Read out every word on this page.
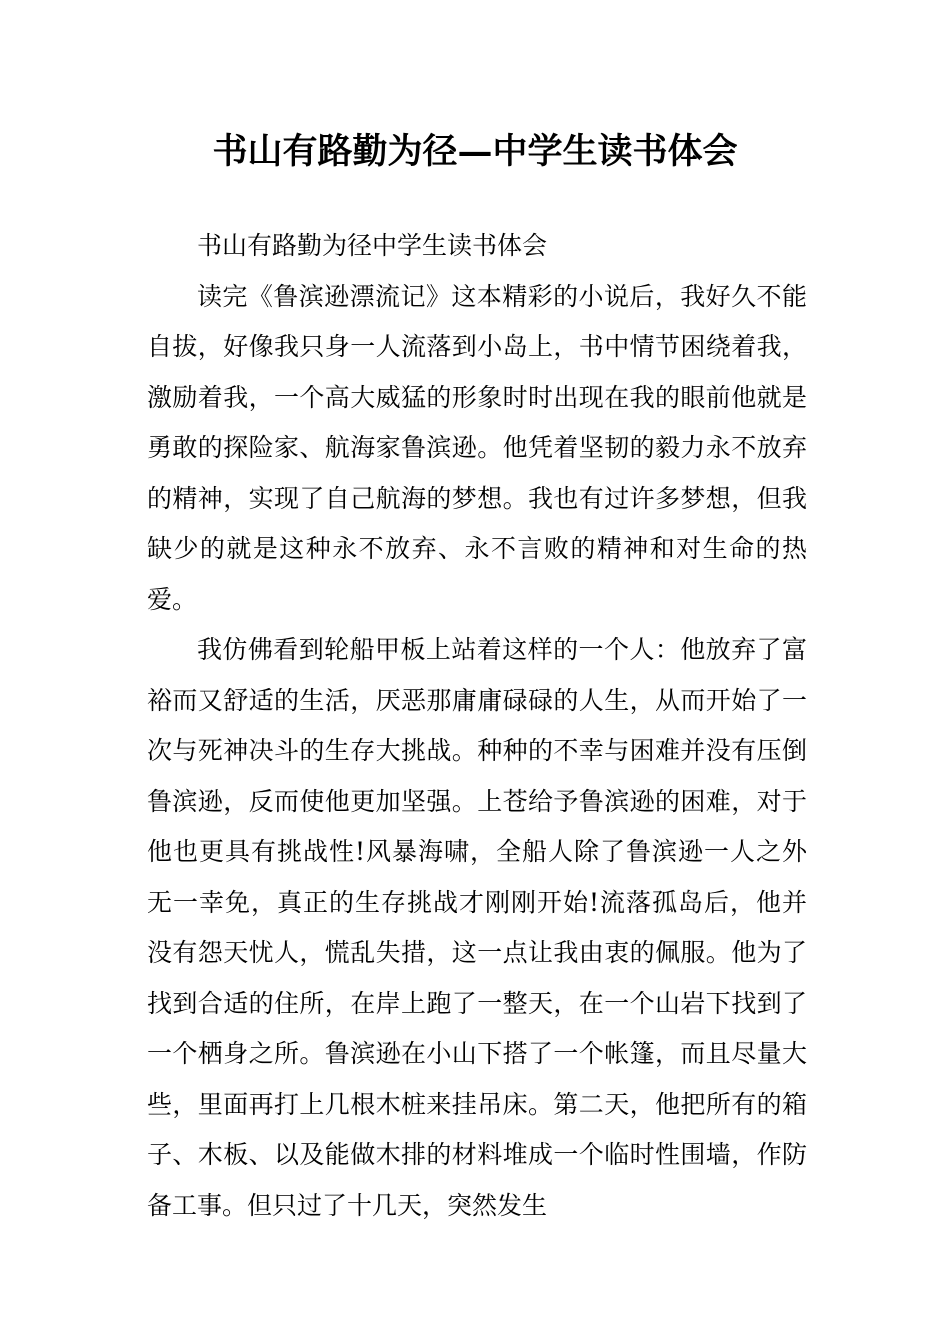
书山有路勤为径—中学生读书体会

书山有路勤为径中学生读书体会

读完《鲁滨逊漂流记》这本精彩的小说后，我好久不能自拔，好像我只身一人流落到小岛上，书中情节困绕着我，激励着我，一个高大威猛的形象时时出现在我的眼前他就是勇敢的探险家、航海家鲁滨逊。他凭着坚韧的毅力永不放弃的精神，实现了自己航海的梦想。我也有过许多梦想，但我缺少的就是这种永不放弃、永不言败的精神和对生命的热爱。

我仿佛看到轮船甲板上站着这样的一个人：他放弃了富裕而又舒适的生活，厌恶那庸庸碌碌的人生，从而开始了一次与死神决斗的生存大挑战。种种的不幸与困难并没有压倒鲁滨逊，反而使他更加坚强。上苍给予鲁滨逊的困难，对于他也更具有挑战性!风暴海啸，全船人除了鲁滨逊一人之外无一幸免，真正的生存挑战才刚刚开始!流落孤岛后，他并没有怨天忧人，慌乱失措，这一点让我由衷的佩服。他为了找到合适的住所，在岸上跑了一整天，在一个山岩下找到了一个栖身之所。鲁滨逊在小山下搭了一个帐篷，而且尽量大些，里面再打上几根木桩来挂吊床。第二天，他把所有的箱子、木板、以及能做木排的材料堆成一个临时性围墙，作防备工事。但只过了十几天，突然发生
